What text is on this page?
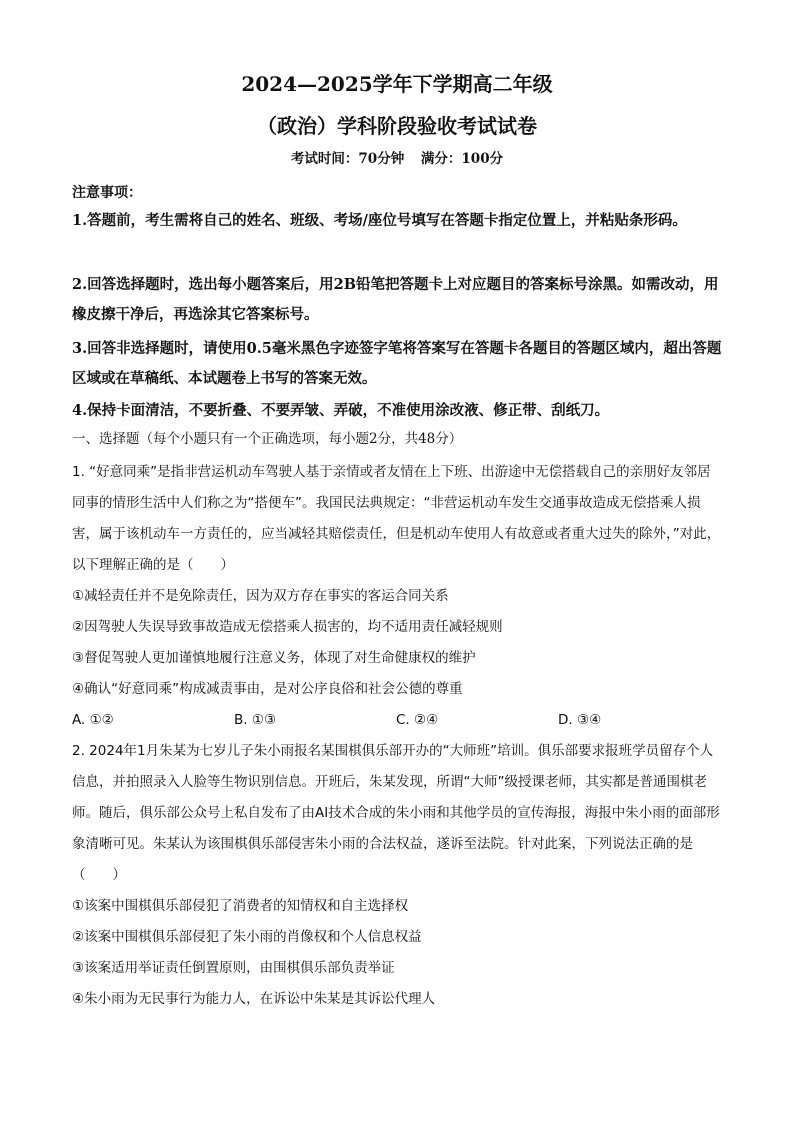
2024—2025学年下学期高二年级
（政治）学科阶段验收考试试卷
考试时间：70分钟 满分：100分
注意事项：
1.答题前，考生需将自己的姓名、班级、考场/座位号填写在答题卡指定位置上，并粘贴条形码。
2.回答选择题时，选出每小题答案后，用2B铅笔把答题卡上对应题目的答案标号涂黑。如需改动，用橡皮擦干净后，再选涂其它答案标号。
3.回答非选择题时，请使用0.5毫米黑色字迹签字笔将答案写在答题卡各题目的答题区域内，超出答题区域或在草稿纸、本试题卷上书写的答案无效。
4.保持卡面清洁，不要折叠、不要弄皱、弄破，不准使用涂改液、修正带、刮纸刀。
一、选择题（每个小题只有一个正确选项，每小题2分，共48分）
1. “好意同乘”是指非营运机动车驾驶人基于亲情或者友情在上下班、出游途中无偿搭载自己的亲朋好友邻居同事的情形生活中人们称之为“搭便车”。我国民法典规定：“非营运机动车发生交通事故造成无偿搭乘人损害，属于该机动车一方责任的，应当减轻其赔偿责任，但是机动车使用人有故意或者重大过失的除外，”对此，以下理解正确的是（　　）
①减轻责任并不是免除责任，因为双方存在事实的客运合同关系
②因驾驶人失误导致事故造成无偿搭乘人损害的，均不适用责任减轻规则
③督促驾驶人更加谨慎地履行注意义务，体现了对生命健康权的维护
④确认“好意同乘”构成减责事由，是对公序良俗和社会公德的尊重
A. ①②	B. ①③	C. ②④	D. ③④
2. 2024年1月朱某为七岁儿子朱小雨报名某围棋俱乐部开办的“大师班”培训。俱乐部要求报班学员留存个人信息，并拍照录入人脸等生物识别信息。开班后，朱某发现，所谓“大师”级授课老师，其实都是普通围棋老师。随后，俱乐部公众号上私自发布了由AI技术合成的朱小雨和其他学员的宣传海报，海报中朱小雨的面部形象清晰可见。朱某认为该围棋俱乐部侵害朱小雨的合法权益，遂诉至法院。针对此案，下列说法正确的是（　　）
①该案中围棋俱乐部侵犯了消费者的知情权和自主选择权
②该案中围棋俱乐部侵犯了朱小雨的肖像权和个人信息权益
③该案适用举证责任倒置原则，由围棋俱乐部负责举证
④朱小雨为无民事行为能力人，在诉讼中朱某是其诉讼代理人
